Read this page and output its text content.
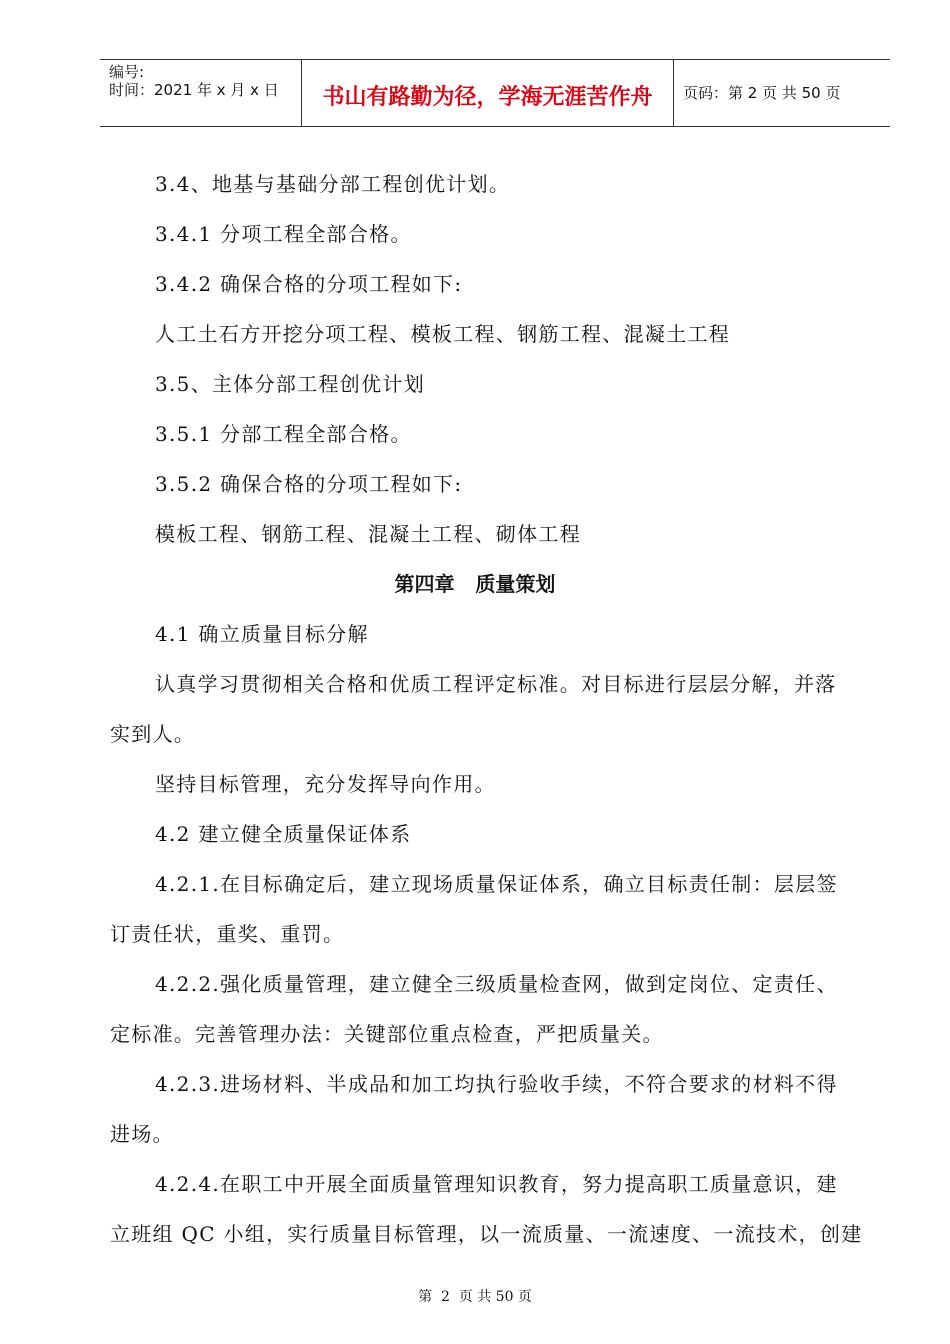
编号:
时间：2021 年 x 月 x 日	书山有路勤为径，学海无涯苦作舟	页码：第 2 页 共 50 页
3.4、地基与基础分部工程创优计划。
3.4.1 分项工程全部合格。
3.4.2 确保合格的分项工程如下:
人工土石方开挖分项工程、模板工程、钢筋工程、混凝土工程
3.5、主体分部工程创优计划
3.5.1 分部工程全部合格。
3.5.2 确保合格的分项工程如下:
模板工程、钢筋工程、混凝土工程、砌体工程
第四章   质量策划
4.1 确立质量目标分解
认真学习贯彻相关合格和优质工程评定标准。对目标进行层层分解，并落
实到人。
坚持目标管理，充分发挥导向作用。
4.2 建立健全质量保证体系
4.2.1.在目标确定后，建立现场质量保证体系，确立目标责任制：层层签
订责任状，重奖、重罚。
4.2.2.强化质量管理，建立健全三级质量检查网，做到定岗位、定责任、
定标准。完善管理办法：关键部位重点检查，严把质量关。
4.2.3.进场材料、半成品和加工均执行验收手续，不符合要求的材料不得
进场。
4.2.4.在职工中开展全面质量管理知识教育，努力提高职工质量意识，建
立班组 QC 小组，实行质量目标管理，以一流质量、一流速度、一流技术，创建
第  2  页 共 50 页
